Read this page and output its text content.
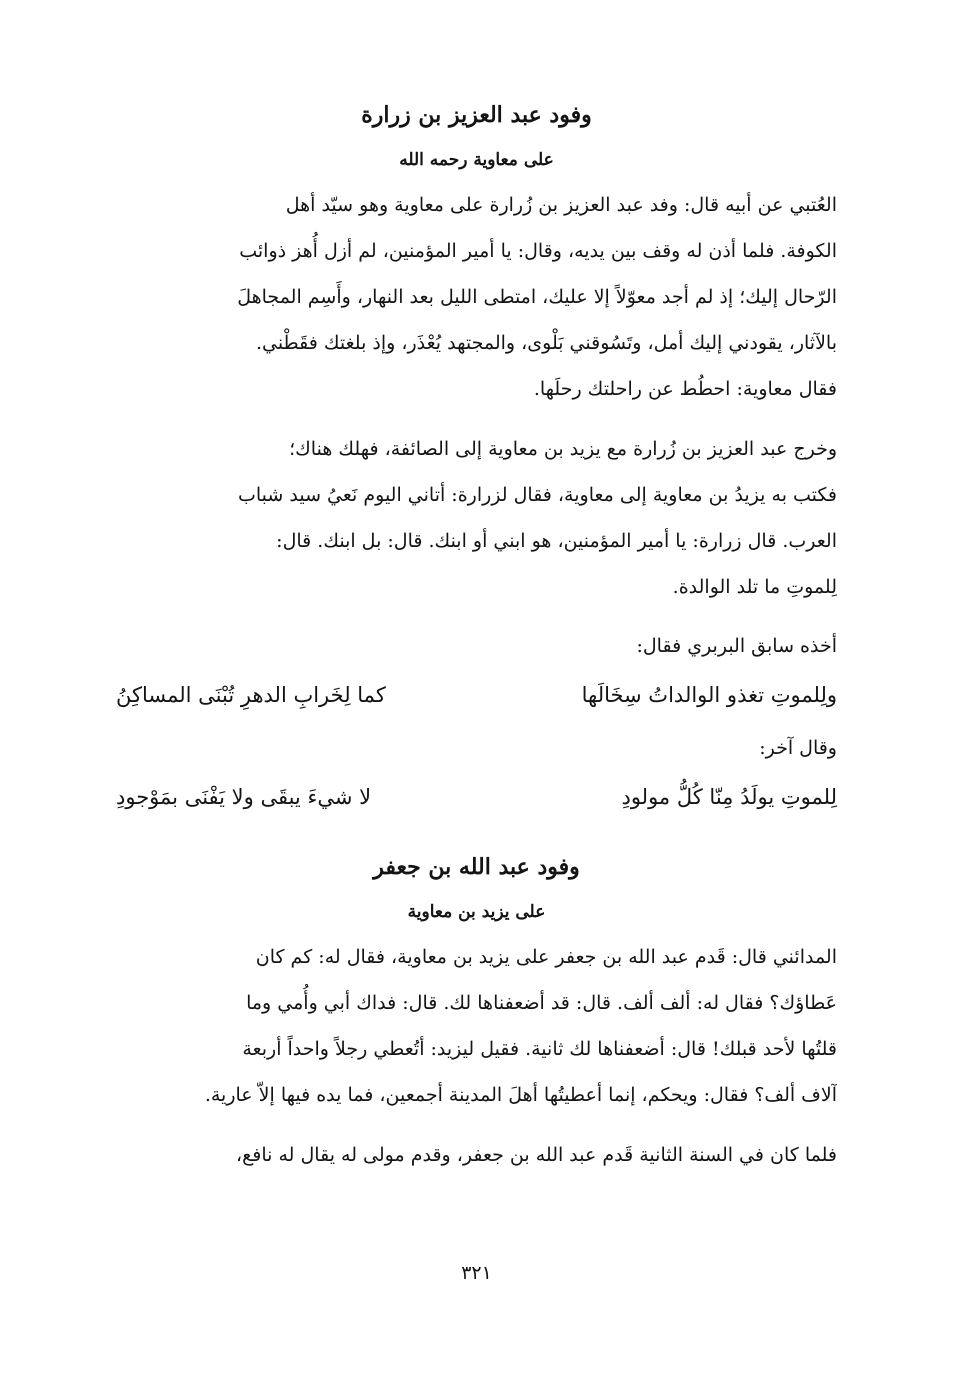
وفود عبد العزيز بن زرارة
على معاوية رحمه الله

العُتبي عن أبيه قال: وفد عبد العزيز بن زُرارة على معاوية وهو سيّد أهل
الكوفة. فلما أذن له وقف بين يديه، وقال: يا أمير المؤمنين، لم أزل أُهز ذوائب
الرّحال إليك؛ إذ لم أجد معوّلاً إلا عليك، امتطى الليل بعد النهار، وأَسِم المجاهلَ
بالآثار، يقودني إليك أمل، وتَسُوقني بَلْوى، والمجتهد يُعْذَر، وإذ بلغتك فقَطْني.
فقال معاوية: احطُط عن راحلتك رحلَها.

وخرج عبد العزيز بن زُرارة مع يزيد بن معاوية إلى الصائفة، فهلك هناك؛
فكتب به يزيدُ بن معاوية إلى معاوية، فقال لزرارة: أتاني اليوم نَعيُ سيد شباب
العرب. قال زرارة: يا أمير المؤمنين، هو ابني أو ابنك. قال: بل ابنك. قال:
لِلموتِ ما تلد الوالدة.

أخذه سابق البربري فقال:

ولِلموتِ تغذو الوالداتُ سِخَالَها
كما لِخَرابِ الدهرِ تُبْنَى المساكِنُ

وقال آخر:

لِلموتِ يولَدُ مِنّا كُلُّ مولودِ
لا شيءَ يبقَى ولا يَفْنَى بمَوْجودِ
وفود عبد الله بن جعفر
على يزيد بن معاوية

المدائني قال: قَدم عبد الله بن جعفر على يزيد بن معاوية، فقال له: كم كان
عَطاؤك؟ فقال له: ألف ألف. قال: قد أضعفناها لك. قال: فداك أبي وأُمي وما
قلتُها لأحد قبلك! قال: أضعفناها لك ثانية. فقيل ليزيد: أتُعطي رجلاً واحداً أربعة
آلاف ألف؟ فقال: ويحكم، إنما أعطيتُها أهلَ المدينة أجمعين، فما يده فيها إلاّ عارية.

فلما كان في السنة الثانية قَدم عبد الله بن جعفر، وقدم مولى له يقال له نافع،

٣٢١
